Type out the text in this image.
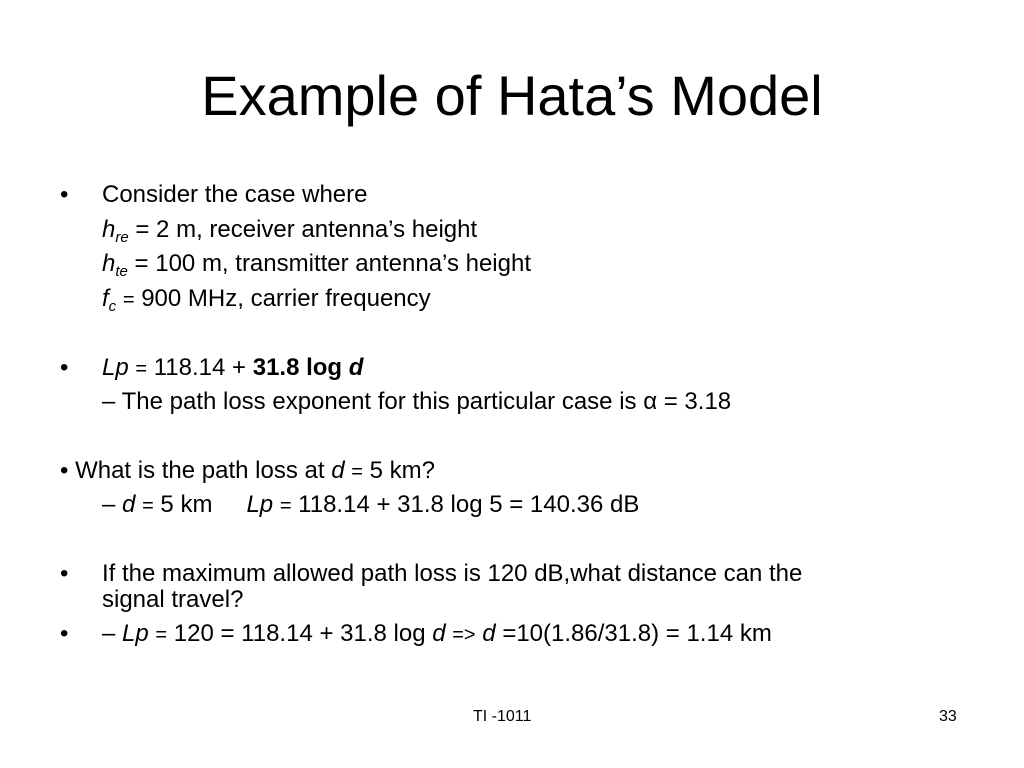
Example of Hata’s Model
• Consider the case where
$h_{re} = 2$ m, receiver antenna’s height
$h_{te} = 100$ m, transmitter antenna’s height
$f_c = 900$ MHz, carrier frequency
• Lp = 118.14 + 31.8 log d
– The path loss exponent for this particular case is α = 3.18
• What is the path loss at d = 5 km?
– d = 5 km Lp = 118.14 + 31.8 log 5 = 140.36 dB
• If the maximum allowed path loss is 120 dB,what distance can the
signal travel?
• – Lp = 120 = 118.14 + 31.8 log d => d =10(1.86/31.8) = 1.14 km
TI -1011	33
